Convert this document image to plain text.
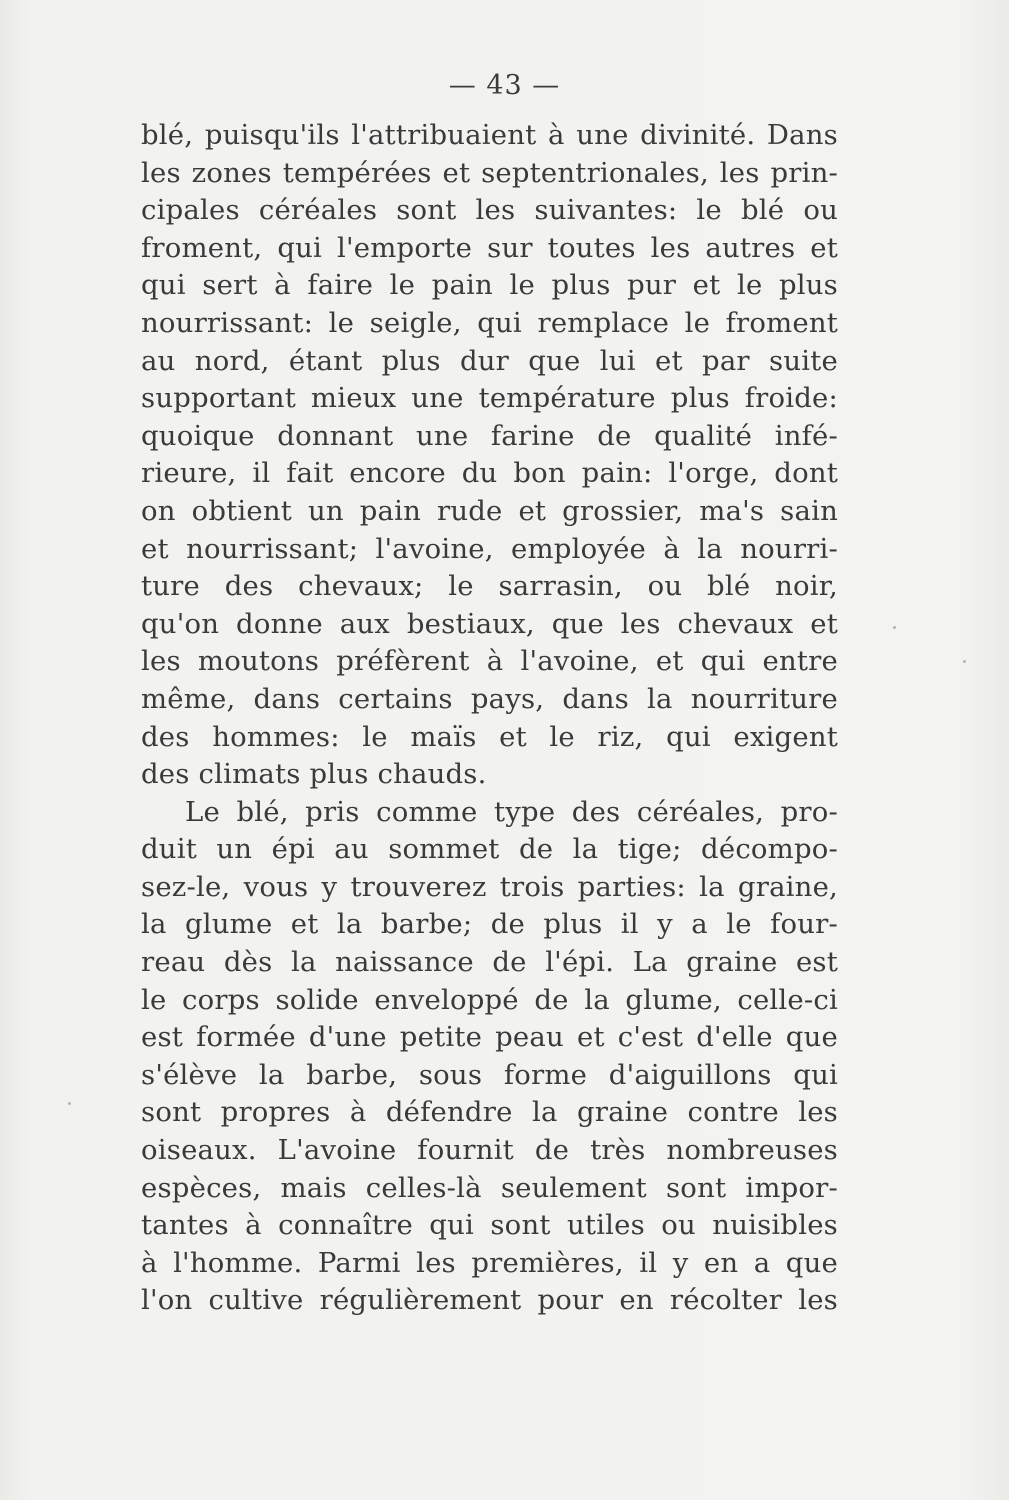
— 43 —
blé, puisqu'ils l'attribuaient à une divinité. Dans
les zones tempérées et septentrionales, les prin-
cipales céréales sont les suivantes: le blé ou
froment, qui l'emporte sur toutes les autres et
qui sert à faire le pain le plus pur et le plus
nourrissant: le seigle, qui remplace le froment
au nord, étant plus dur que lui et par suite
supportant mieux une température plus froide:
quoique donnant une farine de qualité infé-
rieure, il fait encore du bon pain: l'orge, dont
on obtient un pain rude et grossier, ma's sain
et nourrissant; l'avoine, employée à la nourri-
ture des chevaux; le sarrasin, ou blé noir,
qu'on donne aux bestiaux, que les chevaux et
les moutons préfèrent à l'avoine, et qui entre
même, dans certains pays, dans la nourriture
des hommes: le maïs et le riz, qui exigent
des climats plus chauds.
Le blé, pris comme type des céréales, pro-
duit un épi au sommet de la tige; décompo-
sez-le, vous y trouverez trois parties: la graine,
la glume et la barbe; de plus il y a le four-
reau dès la naissance de l'épi. La graine est
le corps solide enveloppé de la glume, celle-ci
est formée d'une petite peau et c'est d'elle que
s'élève la barbe, sous forme d'aiguillons qui
sont propres à défendre la graine contre les
oiseaux. L'avoine fournit de très nombreuses
espèces, mais celles-là seulement sont impor-
tantes à connaître qui sont utiles ou nuisibles
à l'homme. Parmi les premières, il y en a que
l'on cultive régulièrement pour en récolter les
